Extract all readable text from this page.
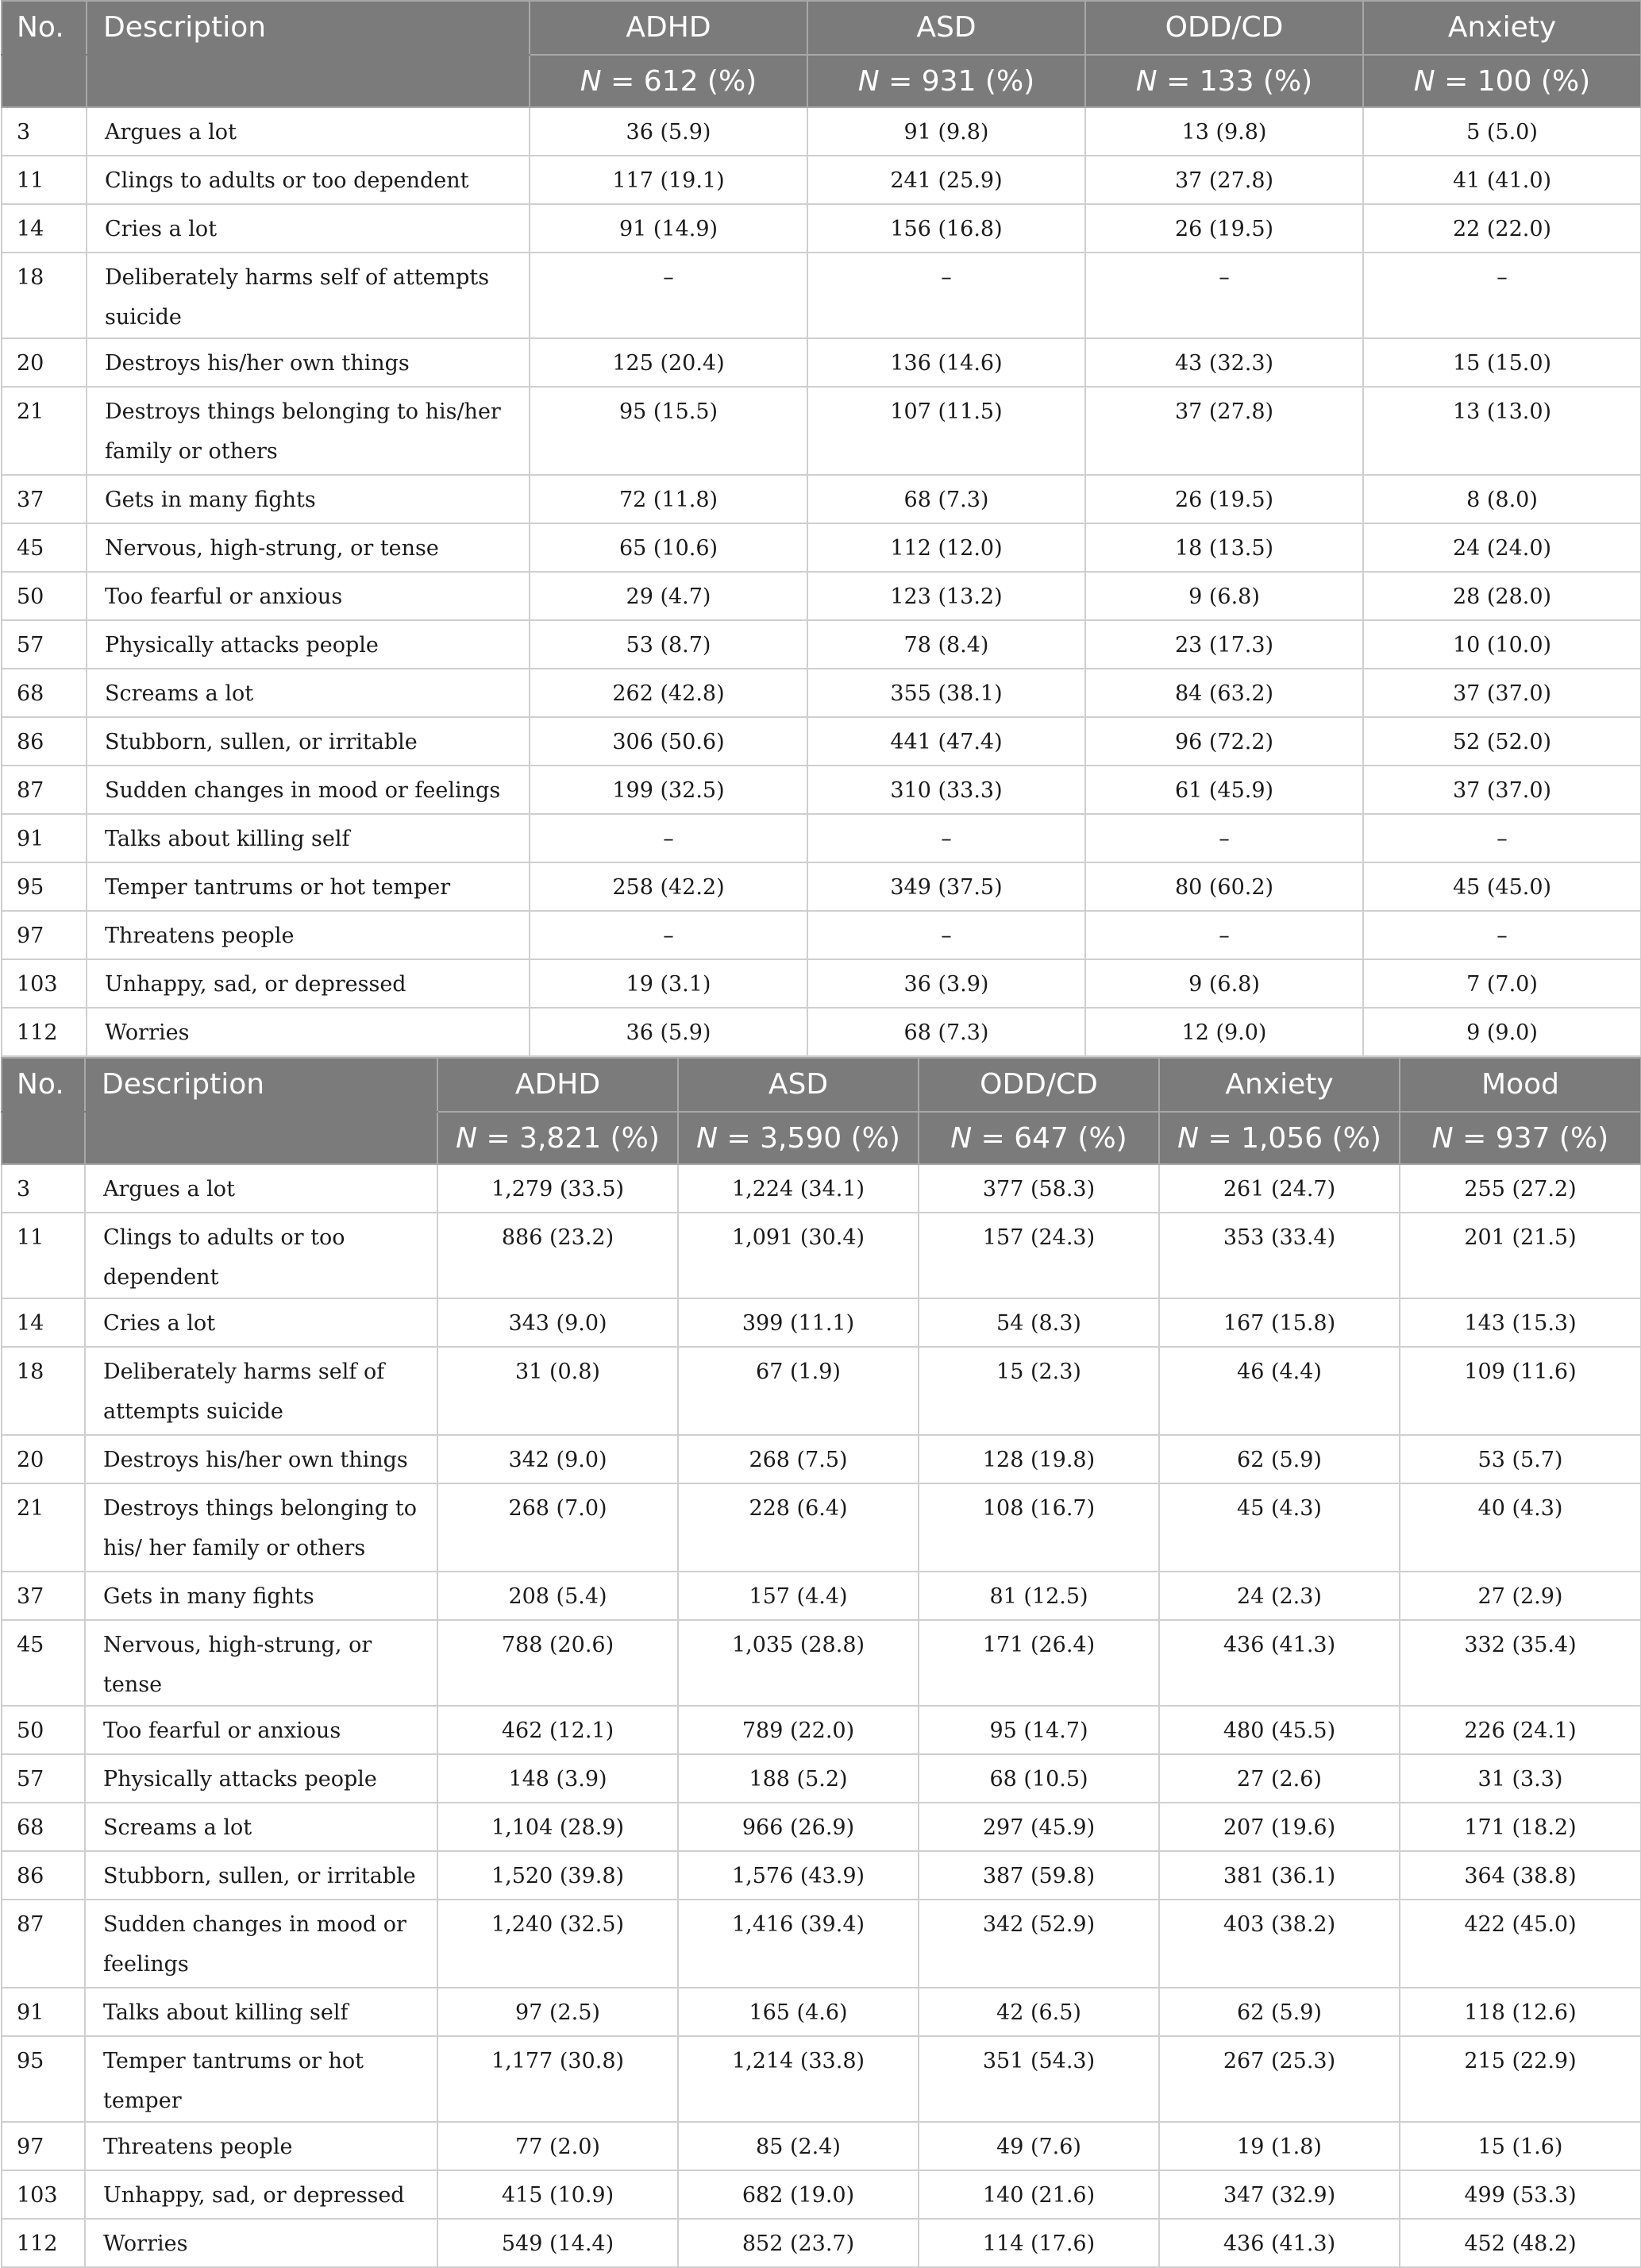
No.	Description	ADHD	ASD	ODD/CD	Anxiety
		N = 612 (%)	N = 931 (%)	N = 133 (%)	N = 100 (%)
3	Argues a lot	36 (5.9)	91 (9.8)	13 (9.8)	5 (5.0)
11	Clings to adults or too dependent	117 (19.1)	241 (25.9)	37 (27.8)	41 (41.0)
14	Cries a lot	91 (14.9)	156 (16.8)	26 (19.5)	22 (22.0)
18	Deliberately harms self of attempts suicide	–	–	–	–
20	Destroys his/her own things	125 (20.4)	136 (14.6)	43 (32.3)	15 (15.0)
21	Destroys things belonging to his/her family or others	95 (15.5)	107 (11.5)	37 (27.8)	13 (13.0)
37	Gets in many fights	72 (11.8)	68 (7.3)	26 (19.5)	8 (8.0)
45	Nervous, high-strung, or tense	65 (10.6)	112 (12.0)	18 (13.5)	24 (24.0)
50	Too fearful or anxious	29 (4.7)	123 (13.2)	9 (6.8)	28 (28.0)
57	Physically attacks people	53 (8.7)	78 (8.4)	23 (17.3)	10 (10.0)
68	Screams a lot	262 (42.8)	355 (38.1)	84 (63.2)	37 (37.0)
86	Stubborn, sullen, or irritable	306 (50.6)	441 (47.4)	96 (72.2)	52 (52.0)
87	Sudden changes in mood or feelings	199 (32.5)	310 (33.3)	61 (45.9)	37 (37.0)
91	Talks about killing self	–	–	–	–
95	Temper tantrums or hot temper	258 (42.2)	349 (37.5)	80 (60.2)	45 (45.0)
97	Threatens people	–	–	–	–
103	Unhappy, sad, or depressed	19 (3.1)	36 (3.9)	9 (6.8)	7 (7.0)
112	Worries	36 (5.9)	68 (7.3)	12 (9.0)	9 (9.0)
No.	Description	ADHD	ASD	ODD/CD	Anxiety	Mood
		N = 3,821 (%)	N = 3,590 (%)	N = 647 (%)	N = 1,056 (%)	N = 937 (%)
3	Argues a lot	1,279 (33.5)	1,224 (34.1)	377 (58.3)	261 (24.7)	255 (27.2)
11	Clings to adults or too dependent	886 (23.2)	1,091 (30.4)	157 (24.3)	353 (33.4)	201 (21.5)
14	Cries a lot	343 (9.0)	399 (11.1)	54 (8.3)	167 (15.8)	143 (15.3)
18	Deliberately harms self of attempts suicide	31 (0.8)	67 (1.9)	15 (2.3)	46 (4.4)	109 (11.6)
20	Destroys his/her own things	342 (9.0)	268 (7.5)	128 (19.8)	62 (5.9)	53 (5.7)
21	Destroys things belonging to his/ her family or others	268 (7.0)	228 (6.4)	108 (16.7)	45 (4.3)	40 (4.3)
37	Gets in many fights	208 (5.4)	157 (4.4)	81 (12.5)	24 (2.3)	27 (2.9)
45	Nervous, high-strung, or tense	788 (20.6)	1,035 (28.8)	171 (26.4)	436 (41.3)	332 (35.4)
50	Too fearful or anxious	462 (12.1)	789 (22.0)	95 (14.7)	480 (45.5)	226 (24.1)
57	Physically attacks people	148 (3.9)	188 (5.2)	68 (10.5)	27 (2.6)	31 (3.3)
68	Screams a lot	1,104 (28.9)	966 (26.9)	297 (45.9)	207 (19.6)	171 (18.2)
86	Stubborn, sullen, or irritable	1,520 (39.8)	1,576 (43.9)	387 (59.8)	381 (36.1)	364 (38.8)
87	Sudden changes in mood or feelings	1,240 (32.5)	1,416 (39.4)	342 (52.9)	403 (38.2)	422 (45.0)
91	Talks about killing self	97 (2.5)	165 (4.6)	42 (6.5)	62 (5.9)	118 (12.6)
95	Temper tantrums or hot temper	1,177 (30.8)	1,214 (33.8)	351 (54.3)	267 (25.3)	215 (22.9)
97	Threatens people	77 (2.0)	85 (2.4)	49 (7.6)	19 (1.8)	15 (1.6)
103	Unhappy, sad, or depressed	415 (10.9)	682 (19.0)	140 (21.6)	347 (32.9)	499 (53.3)
112	Worries	549 (14.4)	852 (23.7)	114 (17.6)	436 (41.3)	452 (48.2)
